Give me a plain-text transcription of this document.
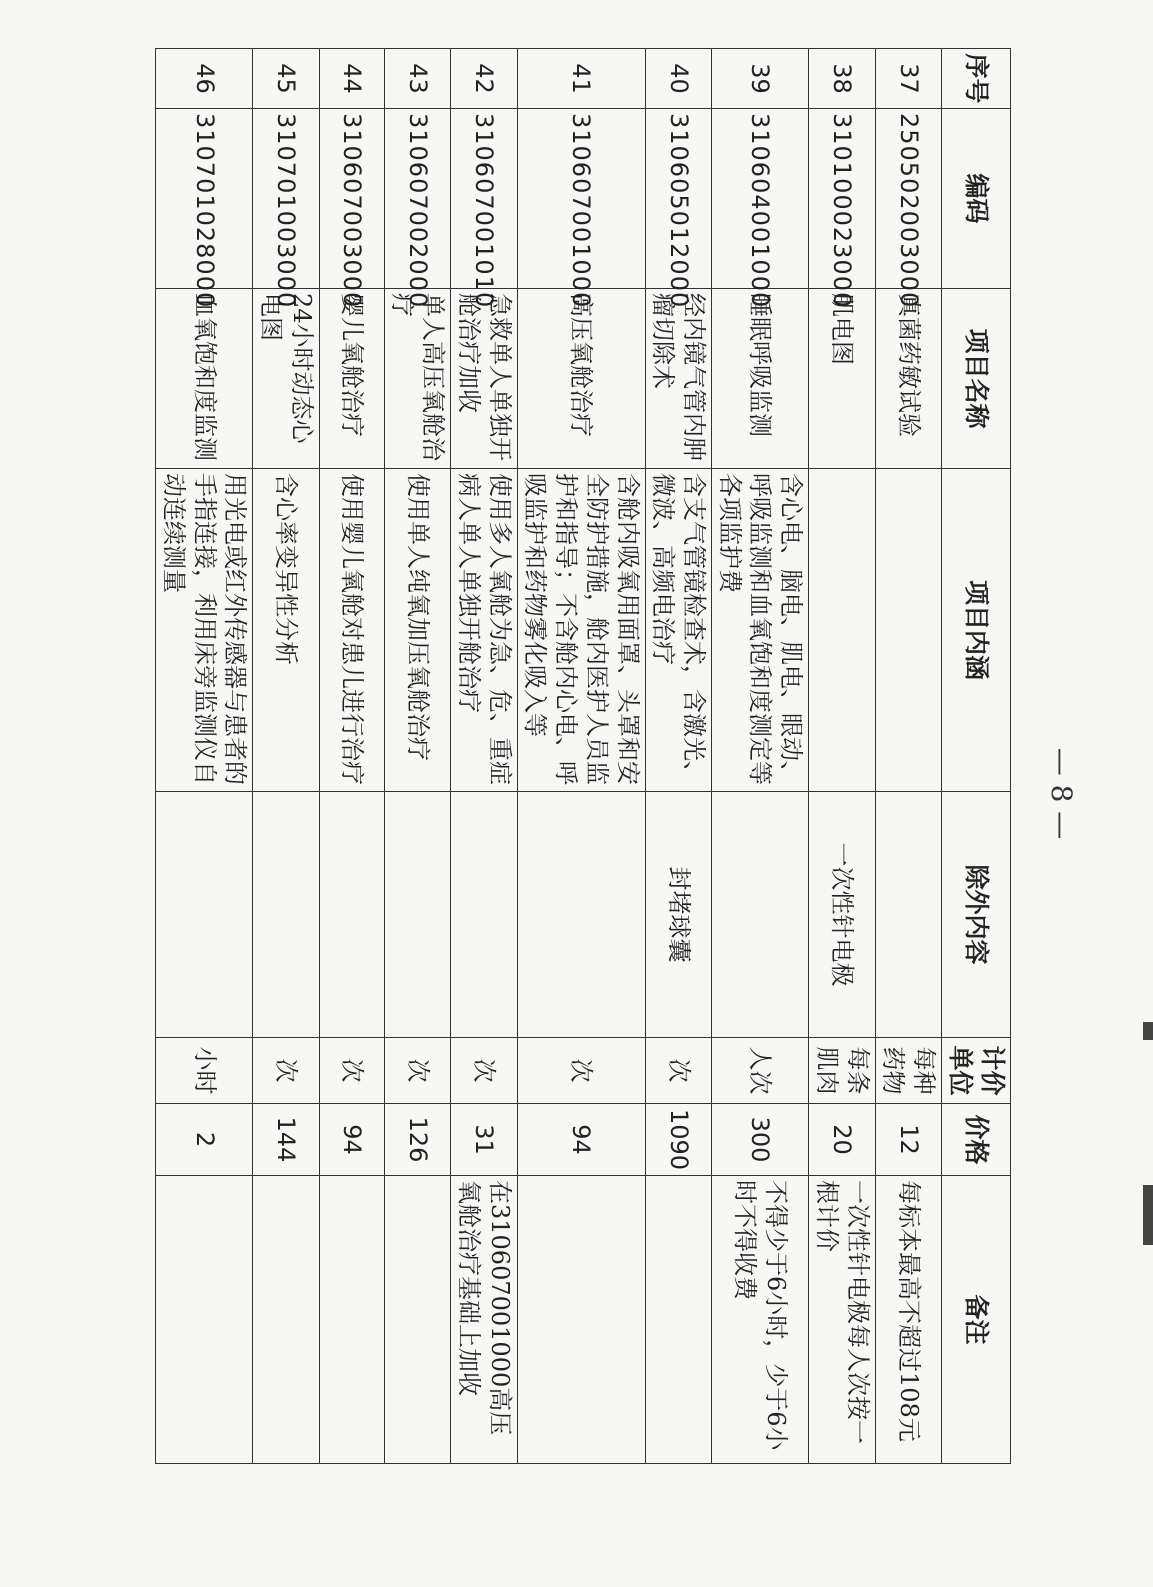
— 8 —
序号	编码	项目名称	项目内涵	除外内容	计价单位	价格	备注
37	250502003000	真菌药敏试验			每种药物	12	每标本最高不超过108元
38	310100023000	肌电图		一次性针电极	每条肌肉	20	一次性针电极每人次按一根计价
39	310604001000	睡眠呼吸监测	含心电、脑电、肌电、眼动、呼吸监测和血氧饱和度测定等各项监护费		人次	300	不得少于6小时，少于6小时不得收费
40	310605012000	经内镜气管内肿瘤切除术	含支气管镜检查术，含激光、微波、高频电治疗	封堵球囊	次	1090	
41	310607001000	高压氧舱治疗	含舱内吸氧用面罩、头罩和安全防护措施，舱内医护人员监护和指导；不含舱内心电、呼吸监护和药物雾化吸入等		次	94	
42	310607001010	急救单人单独开舱治疗加收	使用多人氧舱为急、危、重症病人单人单独开舱治疗		次	31	在310607001000高压氧舱治疗基础上加收
43	310607002000	单人高压氧舱治疗	使用单人纯氧加压氧舱治疗		次	126	
44	310607003000	婴儿氧舱治疗	使用婴儿氧舱对患儿进行治疗		次	94	
45	310701003000	24小时动态心电图	含心率变异性分析		次	144	
46	310701028000	血氧饱和度监测	用光电或红外传感器与患者的手指连接，利用床旁监测仪自动连续测量		小时	2	
